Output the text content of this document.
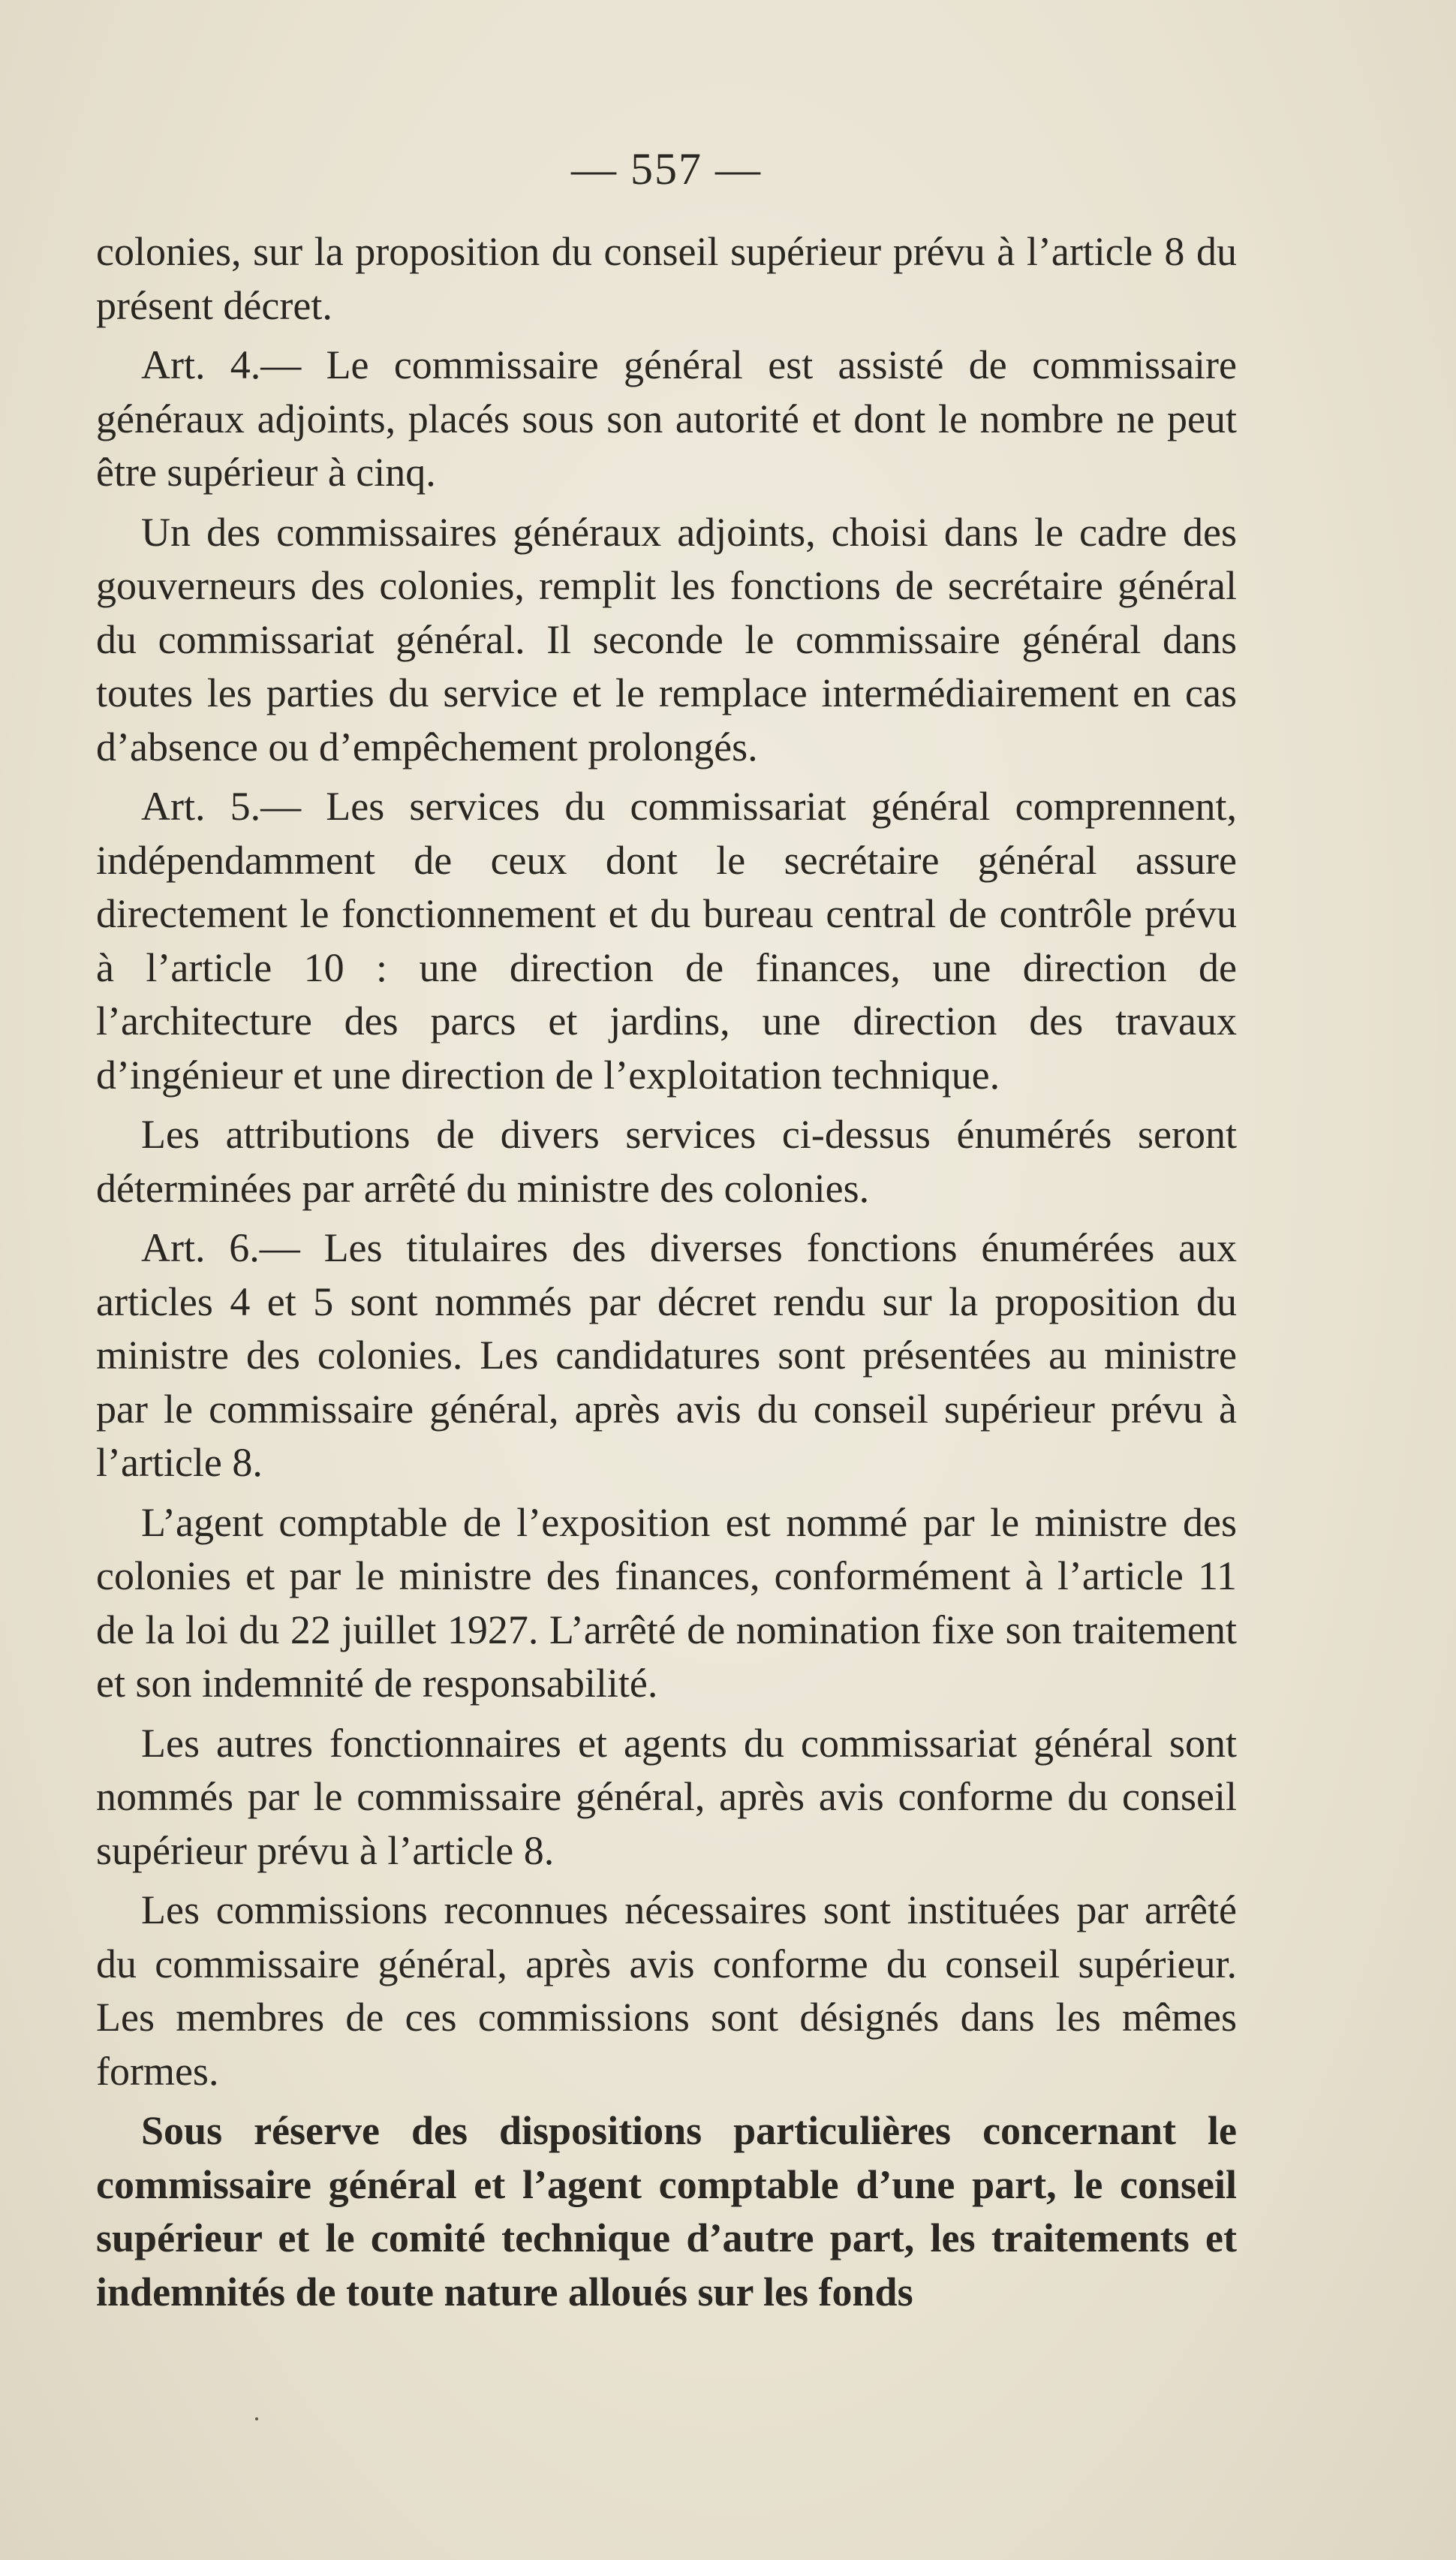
— 557 —

colonies, sur la proposition du conseil supérieur prévu à l’article 8 du présent décret.

Art. 4.— Le commissaire général est assisté de commissaire généraux adjoints, placés sous son autorité et dont le nombre ne peut être supérieur à cinq.

Un des commissaires généraux adjoints, choisi dans le cadre des gouverneurs des colonies, remplit les fonctions de secrétaire général du commissariat général. Il seconde le commissaire général dans toutes les parties du service et le remplace intermédiairement en cas d’absence ou d’empêchement prolongés.

Art. 5.— Les services du commissariat général comprennent, indépendamment de ceux dont le secrétaire général assure directement le fonctionnement et du bureau central de contrôle prévu à l’article 10 : une direction de finances, une direction de l’architecture des parcs et jardins, une direction des travaux d’ingénieur et une direction de l’exploitation technique.

Les attributions de divers services ci-dessus énumérés seront déterminées par arrêté du ministre des colonies.

Art. 6.— Les titulaires des diverses fonctions énumérées aux articles 4 et 5 sont nommés par décret rendu sur la proposition du ministre des colonies. Les candidatures sont présentées au ministre par le commissaire général, après avis du conseil supérieur prévu à l’article 8.

L’agent comptable de l’exposition est nommé par le ministre des colonies et par le ministre des finances, conformément à l’article 11 de la loi du 22 juillet 1927. L’arrêté de nomination fixe son traitement et son indemnité de responsabilité.

Les autres fonctionnaires et agents du commissariat général sont nommés par le commissaire général, après avis conforme du conseil supérieur prévu à l’article 8.

Les commissions reconnues nécessaires sont instituées par arrêté du commissaire général, après avis conforme du conseil supérieur. Les membres de ces commissions sont désignés dans les mêmes formes.

Sous réserve des dispositions particulières concernant le commissaire général et l’agent comptable d’une part, le conseil supérieur et le comité technique d’autre part, les traitements et indemnités de toute nature alloués sur les fonds
